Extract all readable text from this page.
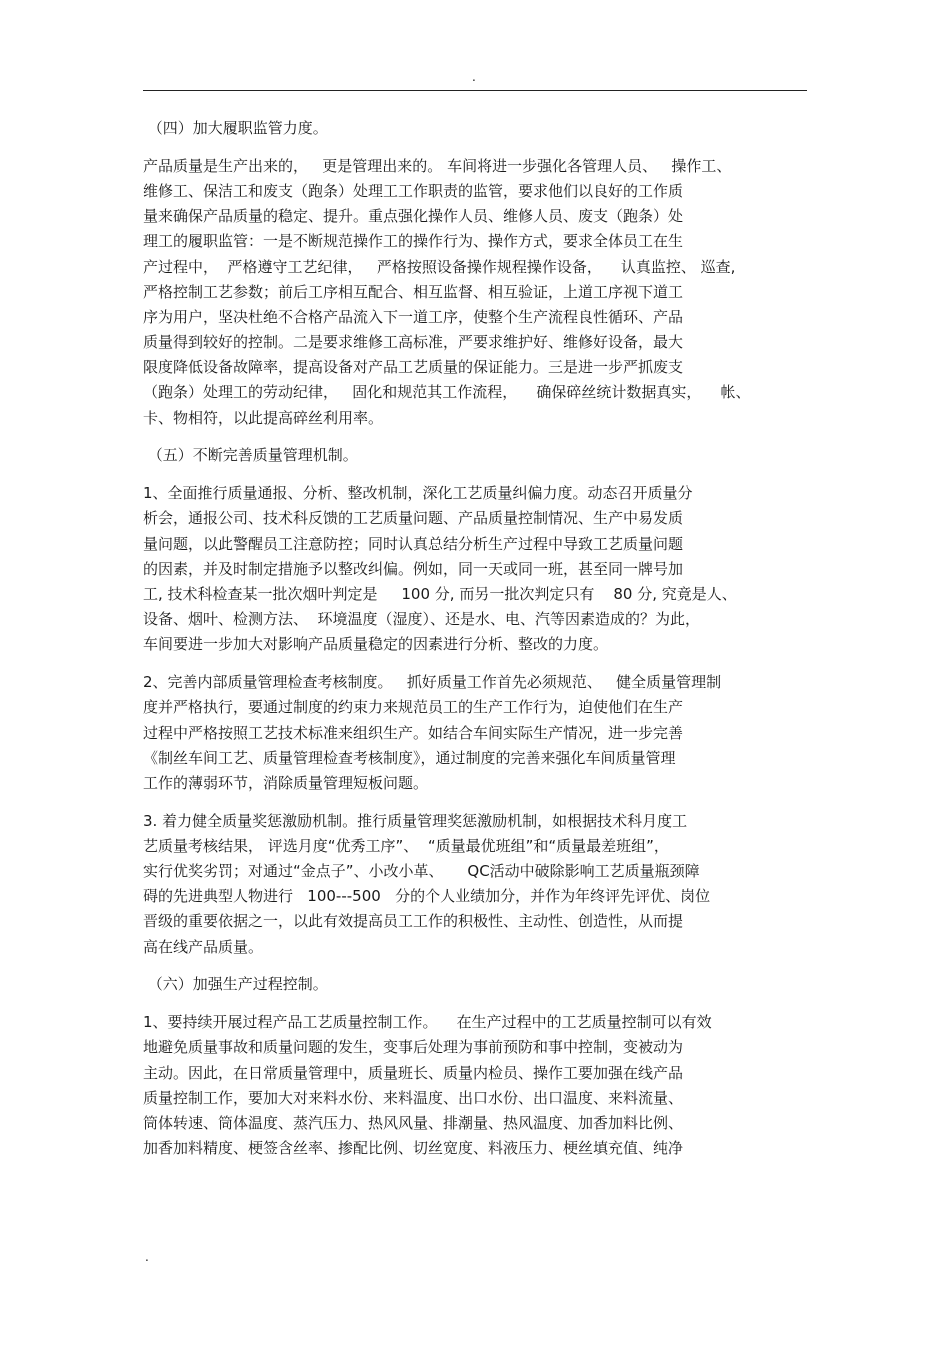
.
（四）加大履职监管力度。
产品质量是生产出来的，   更是管理出来的。 车间将进一步强化各管理人员、   操作工、
维修工、保洁工和废支（跑条）处理工工作职责的监管，要求他们以良好的工作质
量来确保产品质量的稳定、提升。重点强化操作人员、维修人员、废支（跑条）处
理工的履职监管：一是不断规范操作工的操作行为、操作方式，要求全体员工在生
产过程中，  严格遵守工艺纪律，   严格按照设备操作规程操作设备，    认真监控、 巡查,
严格控制工艺参数；前后工序相互配合、相互监督、相互验证，上道工序视下道工
序为用户，坚决杜绝不合格产品流入下一道工序，使整个生产流程良性循环、产品
质量得到较好的控制。二是要求维修工高标准，严要求维护好、维修好设备，最大
限度降低设备故障率，提高设备对产品工艺质量的保证能力。三是进一步严抓废支
（跑条）处理工的劳动纪律，   固化和规范其工作流程，    确保碎丝统计数据真实，    帐、
卡、物相符，以此提高碎丝利用率。
（五）不断完善质量管理机制。
1、全面推行质量通报、分析、整改机制，深化工艺质量纠偏力度。动态召开质量分
析会，通报公司、技术科反馈的工艺质量问题、产品质量控制情况、生产中易发质
量问题，以此警醒员工注意防控；同时认真总结分析生产过程中导致工艺质量问题
的因素，并及时制定措施予以整改纠偏。例如，同一天或同一班，甚至同一牌号加
工, 技术科检查某一批次烟叶判定是     100 分, 而另一批次判定只有    80 分, 究竟是人、
设备、烟叶、检测方法、  环境温度（湿度）、还是水、电、汽等因素造成的？为此，
车间要进一步加大对影响产品质量稳定的因素进行分析、整改的力度。
2、完善内部质量管理检查考核制度。   抓好质量工作首先必须规范、   健全质量管理制
度并严格执行，要通过制度的约束力来规范员工的生产工作行为，迫使他们在生产
过程中严格按照工艺技术标准来组织生产。如结合车间实际生产情况，进一步完善
《制丝车间工艺、质量管理检查考核制度》，通过制度的完善来强化车间质量管理
工作的薄弱环节，消除质量管理短板问题。
3. 着力健全质量奖惩激励机制。推行质量管理奖惩激励机制，如根据技术科月度工
艺质量考核结果， 评选月度“优秀工序”、  “质量最优班组”和“质量最差班组”，
实行优奖劣罚；对通过“金点子”、小改小革、     QC活动中破除影响工艺质量瓶颈障
碍的先进典型人物进行   100---500   分的个人业绩加分，并作为年终评先评优、岗位
晋级的重要依据之一，以此有效提高员工工作的积极性、主动性、创造性，从而提
高在线产品质量。
（六）加强生产过程控制。
1、要持续开展过程产品工艺质量控制工作。    在生产过程中的工艺质量控制可以有效
地避免质量事故和质量问题的发生，变事后处理为事前预防和事中控制，变被动为
主动。因此，在日常质量管理中，质量班长、质量内检员、操作工要加强在线产品
质量控制工作，要加大对来料水份、来料温度、出口水份、出口温度、来料流量、
筒体转速、筒体温度、蒸汽压力、热风风量、排潮量、热风温度、加香加料比例、
加香加料精度、梗签含丝率、掺配比例、切丝宽度、料液压力、梗丝填充值、纯净
.
